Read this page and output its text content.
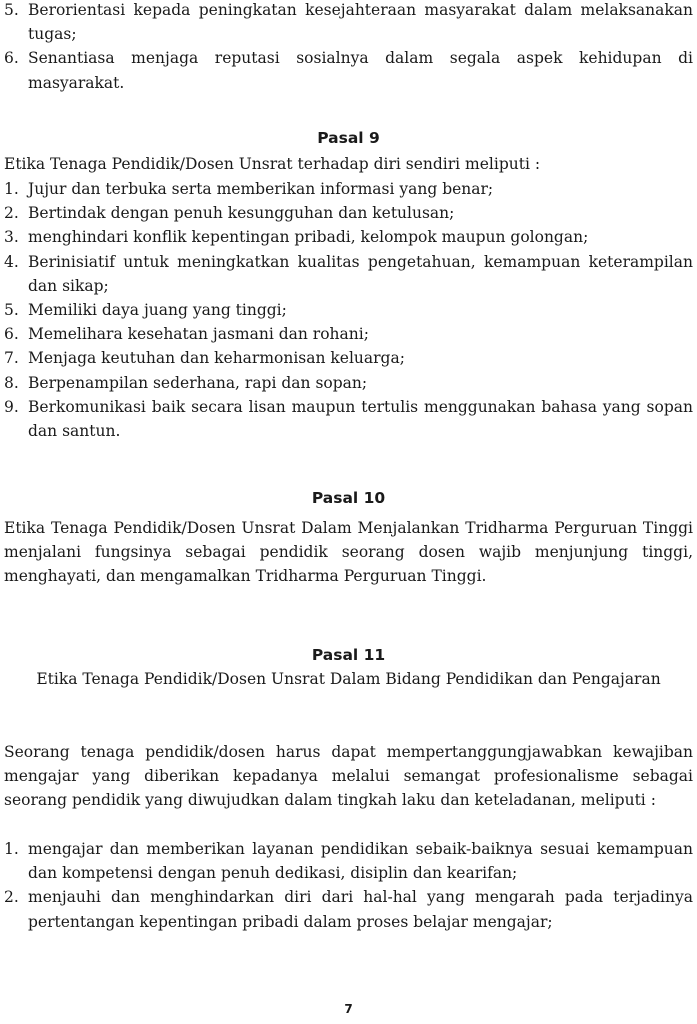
5. Berorientasi kepada peningkatan kesejahteraan masyarakat dalam melaksanakan tugas;
6. Senantiasa menjaga reputasi sosialnya dalam segala aspek kehidupan di masyarakat.
Pasal 9
Etika Tenaga Pendidik/Dosen Unsrat terhadap diri sendiri meliputi :
1. Jujur dan terbuka serta memberikan informasi yang benar;
2. Bertindak dengan penuh kesungguhan dan ketulusan;
3. menghindari konflik kepentingan pribadi, kelompok maupun golongan;
4. Berinisiatif untuk meningkatkan kualitas pengetahuan, kemampuan keterampilan dan sikap;
5. Memiliki daya juang yang tinggi;
6. Memelihara kesehatan jasmani dan rohani;
7. Menjaga keutuhan dan keharmonisan keluarga;
8. Berpenampilan sederhana, rapi dan sopan;
9. Berkomunikasi baik secara lisan maupun tertulis menggunakan bahasa yang sopan dan santun.
Pasal 10
Etika Tenaga Pendidik/Dosen Unsrat Dalam Menjalankan Tridharma Perguruan Tinggi menjalani fungsinya sebagai pendidik seorang dosen wajib menjunjung tinggi, menghayati, dan mengamalkan Tridharma Perguruan Tinggi.
Pasal 11
Etika Tenaga Pendidik/Dosen Unsrat Dalam Bidang Pendidikan dan Pengajaran
Seorang tenaga pendidik/dosen harus dapat mempertanggungjawabkan kewajiban mengajar yang diberikan kepadanya melalui semangat profesionalisme sebagai seorang pendidik yang diwujudkan dalam tingkah laku dan keteladanan, meliputi :
1. mengajar dan memberikan layanan pendidikan sebaik-baiknya sesuai kemampuan dan kompetensi dengan penuh dedikasi, disiplin dan kearifan;
2. menjauhi dan menghindarkan diri dari hal-hal yang mengarah pada terjadinya pertentangan kepentingan pribadi dalam proses belajar mengajar;
7
